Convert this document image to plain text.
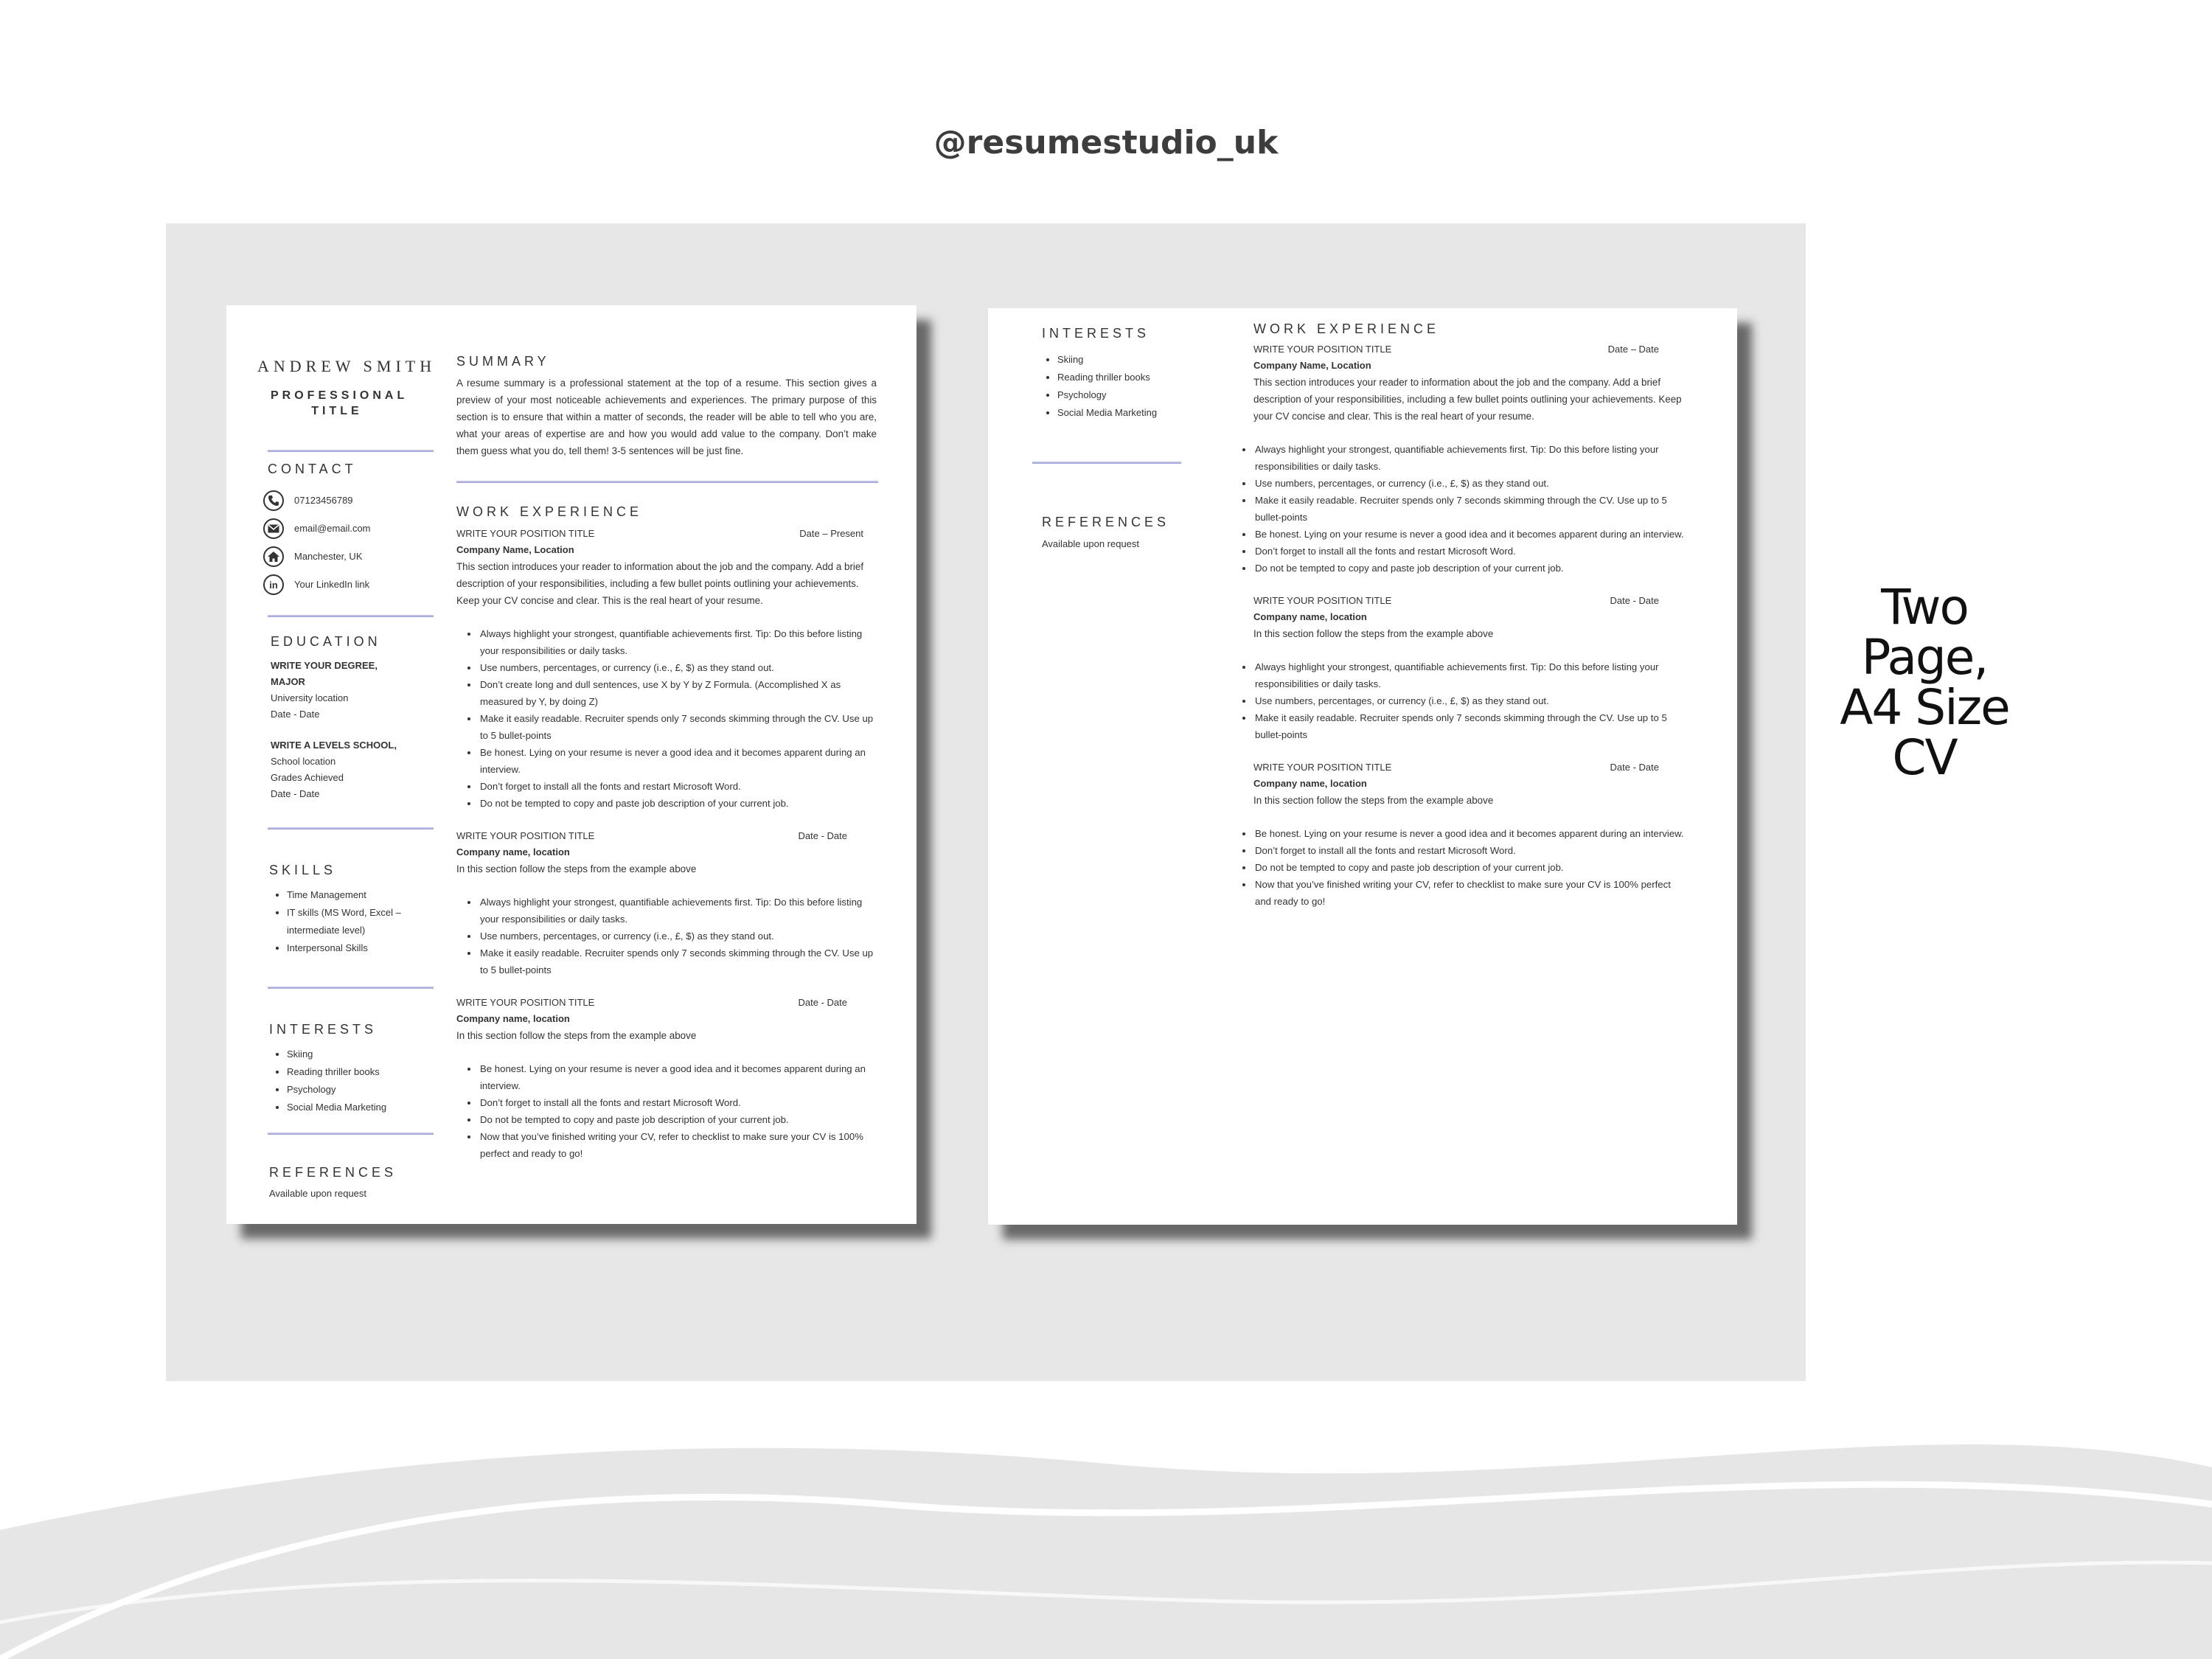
@resumestudio_uk
ANDREW SMITH
PROFESSIONAL
TITLE
CONTACT
07123456789
email@email.com
Manchester, UK
in	Your LinkedIn link
EDUCATION
WRITE YOUR DEGREE,
MAJOR
University location
Date - Date
WRITE A LEVELS SCHOOL,
School location
Grades Achieved
Date - Date
SKILLS
• Time Management
• IT skills (MS Word, Excel – intermediate level)
• Interpersonal Skills
INTERESTS
• Skiing
• Reading thriller books
• Psychology
• Social Media Marketing
REFERENCES
Available upon request
SUMMARY
A resume summary is a professional statement at the top of a resume. This section gives a preview of your most noticeable achievements and experiences. The primary purpose of this section is to ensure that within a matter of seconds, the reader will be able to tell who you are, what your areas of expertise are and how you would add value to the company. Don’t make them guess what you do, tell them! 3-5 sentences will be just fine.
WORK EXPERIENCE
WRITE YOUR POSITION TITLE	Date – Present
Company Name, Location
This section introduces your reader to information about the job and the company. Add a brief description of your responsibilities, including a few bullet points outlining your achievements. Keep your CV concise and clear. This is the real heart of your resume.
• Always highlight your strongest, quantifiable achievements first. Tip: Do this before listing your responsibilities or daily tasks.
• Use numbers, percentages, or currency (i.e., £, $) as they stand out.
• Don’t create long and dull sentences, use X by Y by Z Formula. (Accomplished X as measured by Y, by doing Z)
• Make it easily readable. Recruiter spends only 7 seconds skimming through the CV. Use up to 5 bullet-points
• Be honest. Lying on your resume is never a good idea and it becomes apparent during an interview.
• Don’t forget to install all the fonts and restart Microsoft Word.
• Do not be tempted to copy and paste job description of your current job.
WRITE YOUR POSITION TITLE	Date - Date
Company name, location
In this section follow the steps from the example above
• Always highlight your strongest, quantifiable achievements first. Tip: Do this before listing your responsibilities or daily tasks.
• Use numbers, percentages, or currency (i.e., £, $) as they stand out.
• Make it easily readable. Recruiter spends only 7 seconds skimming through the CV. Use up to 5 bullet-points
WRITE YOUR POSITION TITLE	Date - Date
Company name, location
In this section follow the steps from the example above
• Be honest. Lying on your resume is never a good idea and it becomes apparent during an interview.
• Don’t forget to install all the fonts and restart Microsoft Word.
• Do not be tempted to copy and paste job description of your current job.
• Now that you’ve finished writing your CV, refer to checklist to make sure your CV is 100% perfect and ready to go!
INTERESTS
• Skiing
• Reading thriller books
• Psychology
• Social Media Marketing
REFERENCES
Available upon request
WORK EXPERIENCE
WRITE YOUR POSITION TITLE	Date – Date
Company Name, Location
This section introduces your reader to information about the job and the company. Add a brief description of your responsibilities, including a few bullet points outlining your achievements. Keep your CV concise and clear. This is the real heart of your resume.
• Always highlight your strongest, quantifiable achievements first. Tip: Do this before listing your responsibilities or daily tasks.
• Use numbers, percentages, or currency (i.e., £, $) as they stand out.
• Make it easily readable. Recruiter spends only 7 seconds skimming through the CV. Use up to 5 bullet-points
• Be honest. Lying on your resume is never a good idea and it becomes apparent during an interview.
• Don’t forget to install all the fonts and restart Microsoft Word.
• Do not be tempted to copy and paste job description of your current job.
WRITE YOUR POSITION TITLE	Date - Date
Company name, location
In this section follow the steps from the example above
• Always highlight your strongest, quantifiable achievements first. Tip: Do this before listing your responsibilities or daily tasks.
• Use numbers, percentages, or currency (i.e., £, $) as they stand out.
• Make it easily readable. Recruiter spends only 7 seconds skimming through the CV. Use up to 5 bullet-points
WRITE YOUR POSITION TITLE	Date - Date
Company name, location
In this section follow the steps from the example above
• Be honest. Lying on your resume is never a good idea and it becomes apparent during an interview.
• Don’t forget to install all the fonts and restart Microsoft Word.
• Do not be tempted to copy and paste job description of your current job.
• Now that you’ve finished writing your CV, refer to checklist to make sure your CV is 100% perfect and ready to go!
Two
Page,
A4 Size
CV
